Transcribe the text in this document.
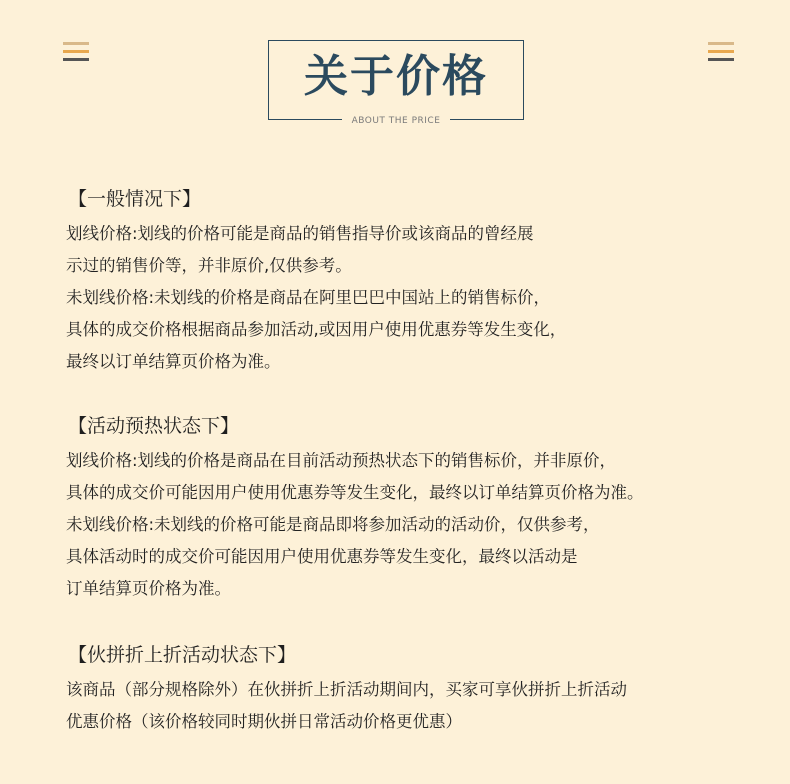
关于价格
ABOUT THE PRICE
【一般情况下】
划线价格:划线的价格可能是商品的销售指导价或该商品的曾经展
示过的销售价等，并非原价,仅供参考。
未划线价格:未划线的价格是商品在阿里巴巴中国站上的销售标价，
具体的成交价格根据商品参加活动,或因用户使用优惠券等发生变化，
最终以订单结算页价格为准。
【活动预热状态下】
划线价格:划线的价格是商品在目前活动预热状态下的销售标价，并非原价，
具体的成交价可能因用户使用优惠券等发生变化，最终以订单结算页价格为准。
未划线价格:未划线的价格可能是商品即将参加活动的活动价，仅供参考，
具体活动时的成交价可能因用户使用优惠券等发生变化，最终以活动是
订单结算页价格为准。
【伙拼折上折活动状态下】
该商品（部分规格除外）在伙拼折上折活动期间内，买家可享伙拼折上折活动
优惠价格（该价格较同时期伙拼日常活动价格更优惠）
